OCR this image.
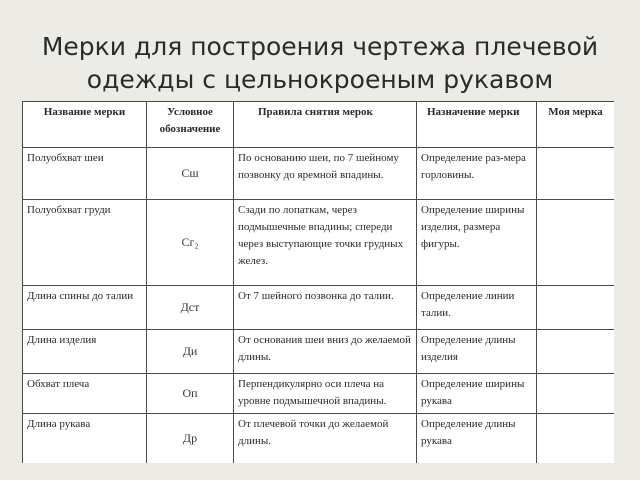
Мерки для построения чертежа плечевой одежды с цельнокроеным рукавом
Название мерки	Условное обозначение	Правила снятия мерок	Назначение мерки	Моя мерка
Полуобхват шеи	Сш	По основанию шеи, по 7 шейному позвонку до яремной впадины.	Определение раз-мера горловины.	
Полуобхват груди	Сг₂	Сзади по лопаткам, через подмышечные впадины; спереди через выступающие точки грудных желез.	Определение ширины изделия, размера фигуры.	
Длина спины до талии	Дст	От 7 шейного позвонка до талии.	Определение линии талии.	
Длина изделия	Ди	От основания шеи вниз до желаемой длины.	Определение длины изделия	
Обхват плеча	Оп	Перпендикулярно оси плеча на уровне подмышечной впадины.	Определение ширины рукава	
Длина рукава	Др	От плечевой точки до желаемой длины.	Определение длины рукава	
